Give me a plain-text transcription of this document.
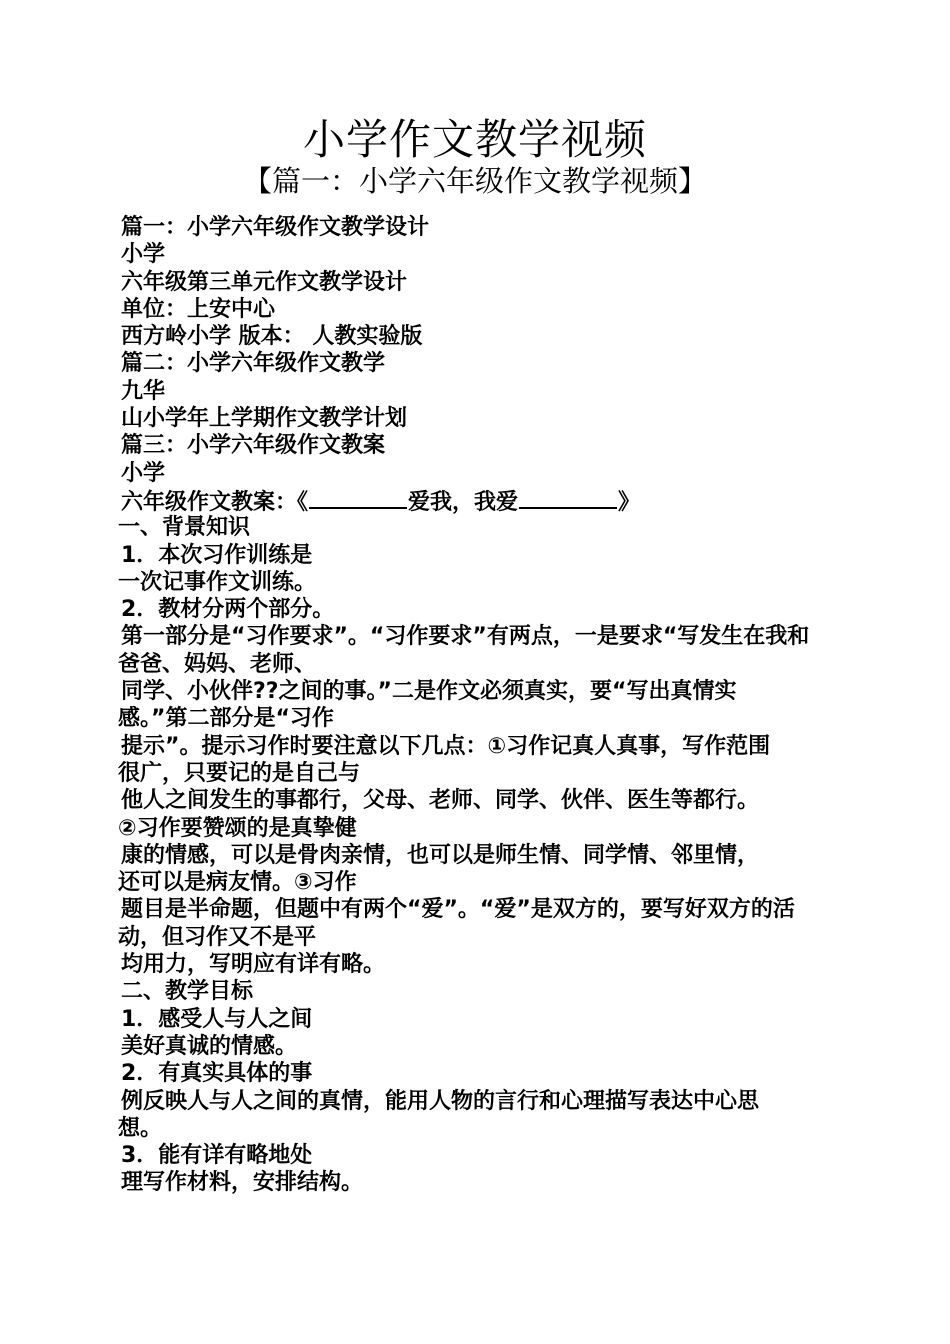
小学作文教学视频
【篇一：小学六年级作文教学视频】
篇一：小学六年级作文教学设计
小学
六年级第三单元作文教学设计
单位：上安中心
西方岭小学 版本： 人教实验版
篇二：小学六年级作文教学
九华
山小学年上学期作文教学计划
篇三：小学六年级作文教案
小学
六年级作文教案：《	爱我，我爱	》
一、背景知识
1．本次习作训练是
一次记事作文训练。
2．教材分两个部分。
第一部分是“习作要求”。“习作要求”有两点，一是要求“写发生在我和
爸爸、妈妈、老师、
同学、小伙伴??之间的事。”二是作文必须真实，要“写出真情实
感。”第二部分是“习作
提示”。提示习作时要注意以下几点：①习作记真人真事，写作范围
很广，只要记的是自己与
他人之间发生的事都行，父母、老师、同学、伙伴、医生等都行。
②习作要赞颂的是真挚健
康的情感，可以是骨肉亲情，也可以是师生情、同学情、邻里情，
还可以是病友情。③习作
题目是半命题，但题中有两个“爱”。“爱”是双方的，要写好双方的活
动，但习作又不是平
均用力，写明应有详有略。
二、教学目标
1．感受人与人之间
美好真诚的情感。
2．有真实具体的事
例反映人与人之间的真情，能用人物的言行和心理描写表达中心思
想。
3．能有详有略地处
理写作材料，安排结构。
